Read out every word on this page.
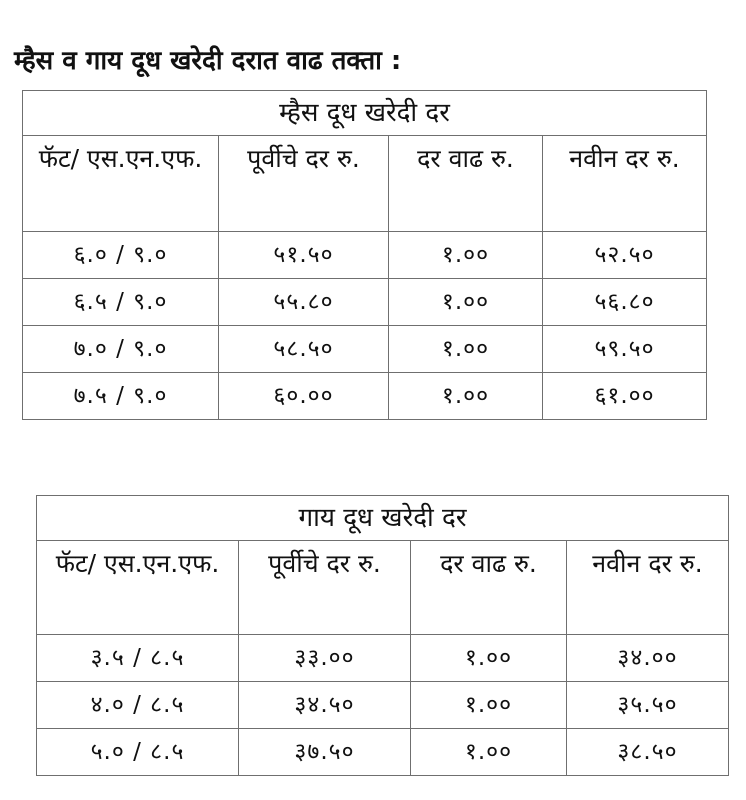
म्हैस व गाय दूध खरेदी दरात वाढ तक्ता :
म्हैस दूध खरेदी दर			
फॅट/ एस.एन.एफ.	पूर्वीचे दर रु.	दर वाढ रु.	नवीन दर रु.
६.० / ९.०	५१.५०	१.००	५२.५०
६.५ / ९.०	५५.८०	१.००	५६.८०
७.० / ९.०	५८.५०	१.००	५९.५०
७.५ / ९.०	६०.००	१.००	६१.००
गाय दूध खरेदी दर			
फॅट/ एस.एन.एफ.	पूर्वीचे दर रु.	दर वाढ रु.	नवीन दर रु.
३.५ / ८.५	३३.००	१.००	३४.००
४.० / ८.५	३४.५०	१.००	३५.५०
५.० / ८.५	३७.५०	१.००	३८.५०
